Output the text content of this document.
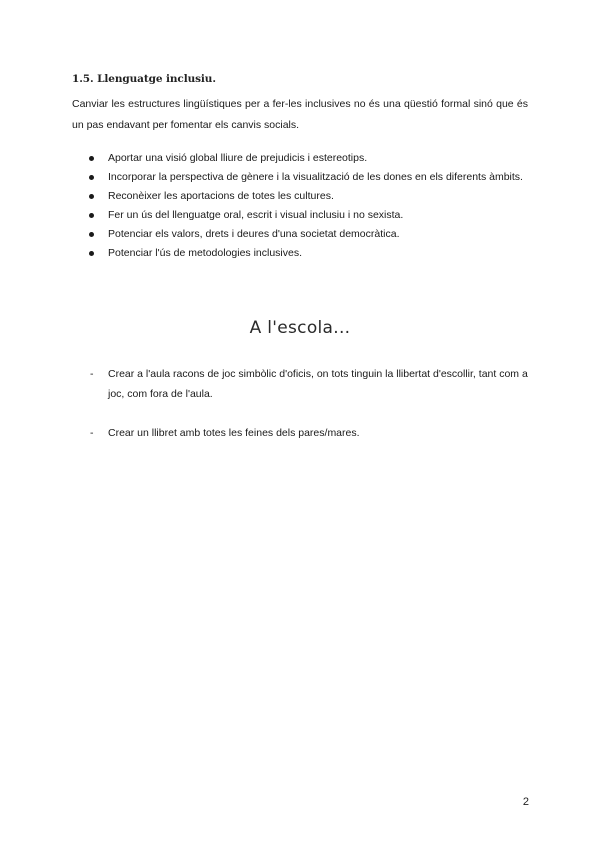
1.5. Llenguatge inclusiu.
Canviar les estructures lingüístiques per a fer-les inclusives no és una qüestió formal sinó que és un pas endavant per fomentar els canvis socials.
Aportar una visió global lliure de prejudicis i estereotips.
Incorporar la perspectiva de gènere i la visualització de les dones en els diferents àmbits.
Reconèixer les aportacions de totes les cultures.
Fer un ús del llenguatge oral, escrit i visual inclusiu i no sexista.
Potenciar els valors, drets i deures d'una societat democràtica.
Potenciar l'ús de metodologies inclusives.
A l'escola...
- Crear a l'aula racons de joc simbòlic d'oficis, on tots tinguin la llibertat d'escollir, tant com a joc, com fora de l'aula.
- Crear un llibret amb totes les feines dels pares/mares.
2
